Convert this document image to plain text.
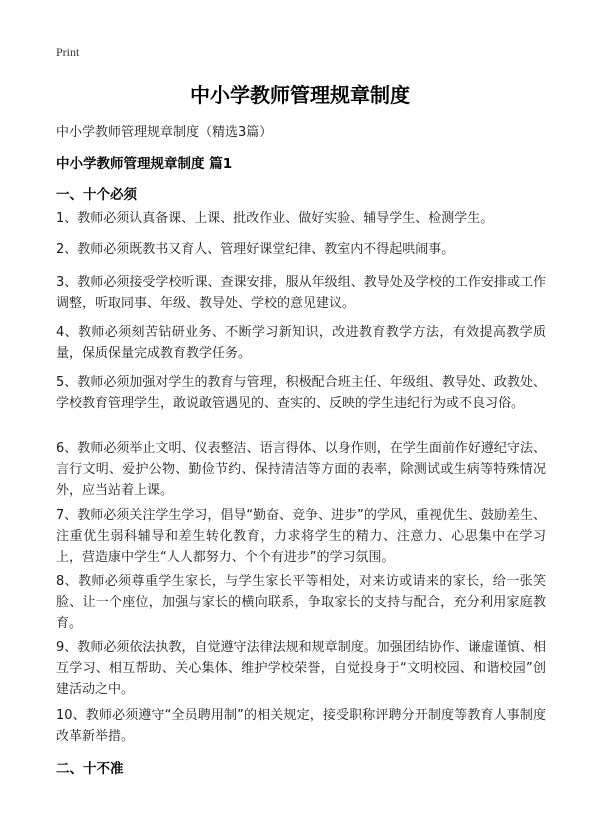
Print
中小学教师管理规章制度

中小学教师管理规章制度（精选3篇）

中小学教师管理规章制度 篇1

一、十个必须

1、教师必须认真备课、上课、批改作业、做好实验、辅导学生、检测学生。

2、教师必须既教书又育人、管理好课堂纪律、教室内不得起哄闹事。

3、教师必须接受学校听课、查课安排，服从年级组、教导处及学校的工作安排或工作调整，听取同事、年级、教导处、学校的意见建议。

4、教师必须刻苦钻研业务、不断学习新知识，改进教育教学方法，有效提高教学质量，保质保量完成教育教学任务。

5、教师必须加强对学生的教育与管理，积极配合班主任、年级组、教导处、政教处、学校教育管理学生，敢说敢管遇见的、查实的、反映的学生违纪行为或不良习俗。

6、教师必须举止文明、仪表整洁、语言得体、以身作则，在学生面前作好遵纪守法、言行文明、爱护公物、勤俭节约、保持清洁等方面的表率，除测试或生病等特殊情况外，应当站着上课。

7、教师必须关注学生学习，倡导“勤奋、竞争、进步”的学风，重视优生、鼓励差生、注重优生弱科辅导和差生转化教育，力求将学生的精力、注意力、心思集中在学习上，营造康中学生“人人都努力、个个有进步”的学习氛围。

8、教师必须尊重学生家长，与学生家长平等相处，对来访或请来的家长，给一张笑脸、让一个座位，加强与家长的横向联系，争取家长的支持与配合，充分利用家庭教育。

9、教师必须依法执教，自觉遵守法律法规和规章制度。加强团结协作、谦虚谨慎、相互学习、相互帮助、关心集体、维护学校荣誉，自觉投身于“文明校园、和谐校园”创建活动之中。

10、教师必须遵守“全员聘用制”的相关规定，接受职称评聘分开制度等教育人事制度改革新举措。

二、十不准
